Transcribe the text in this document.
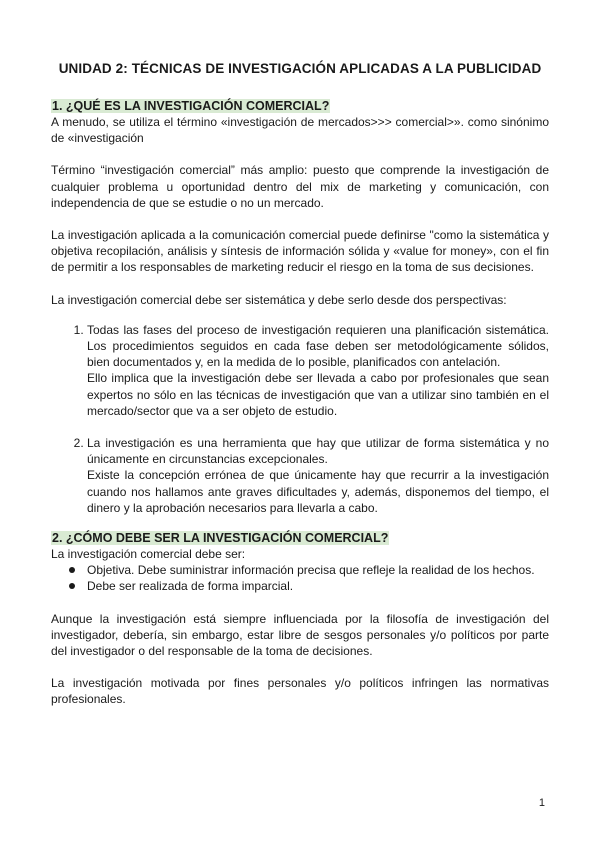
UNIDAD 2: TÉCNICAS DE INVESTIGACIÓN APLICADAS A LA PUBLICIDAD
1. ¿QUÉ ES LA INVESTIGACIÓN COMERCIAL?

A menudo, se utiliza el término «investigación de mercados>>> comercial>». como sinónimo de «investigación

Término “investigación comercial” más amplio: puesto que comprende la investigación de cualquier problema u oportunidad dentro del mix de marketing y comunicación, con independencia de que se estudie o no un mercado.

La investigación aplicada a la comunicación comercial puede definirse "como la sistemática y objetiva recopilación, análisis y síntesis de información sólida y «value for money», con el fin de permitir a los responsables de marketing reducir el riesgo en la toma de sus decisiones.

La investigación comercial debe ser sistemática y debe serlo desde dos perspectivas:

1. Todas las fases del proceso de investigación requieren una planificación sistemática. Los procedimientos seguidos en cada fase deben ser metodológicamente sólidos, bien documentados y, en la medida de lo posible, planificados con antelación.

Ello implica que la investigación debe ser llevada a cabo por profesionales que sean expertos no sólo en las técnicas de investigación que van a utilizar sino también en el mercado/sector que va a ser objeto de estudio.

2. La investigación es una herramienta que hay que utilizar de forma sistemática y no únicamente en circunstancias excepcionales.

Existe la concepción errónea de que únicamente hay que recurrir a la investigación cuando nos hallamos ante graves dificultades y, además, disponemos del tiempo, el dinero y la aprobación necesarios para llevarla a cabo.

2. ¿CÓMO DEBE SER LA INVESTIGACIÓN COMERCIAL?

La investigación comercial debe ser:

Objetiva. Debe suministrar información precisa que refleje la realidad de los hechos.
Debe ser realizada de forma imparcial.

Aunque la investigación está siempre influenciada por la filosofía de investigación del investigador, debería, sin embargo, estar libre de sesgos personales y/o políticos por parte del investigador o del responsable de la toma de decisiones.

La investigación motivada por fines personales y/o políticos infringen las normativas profesionales.

1
